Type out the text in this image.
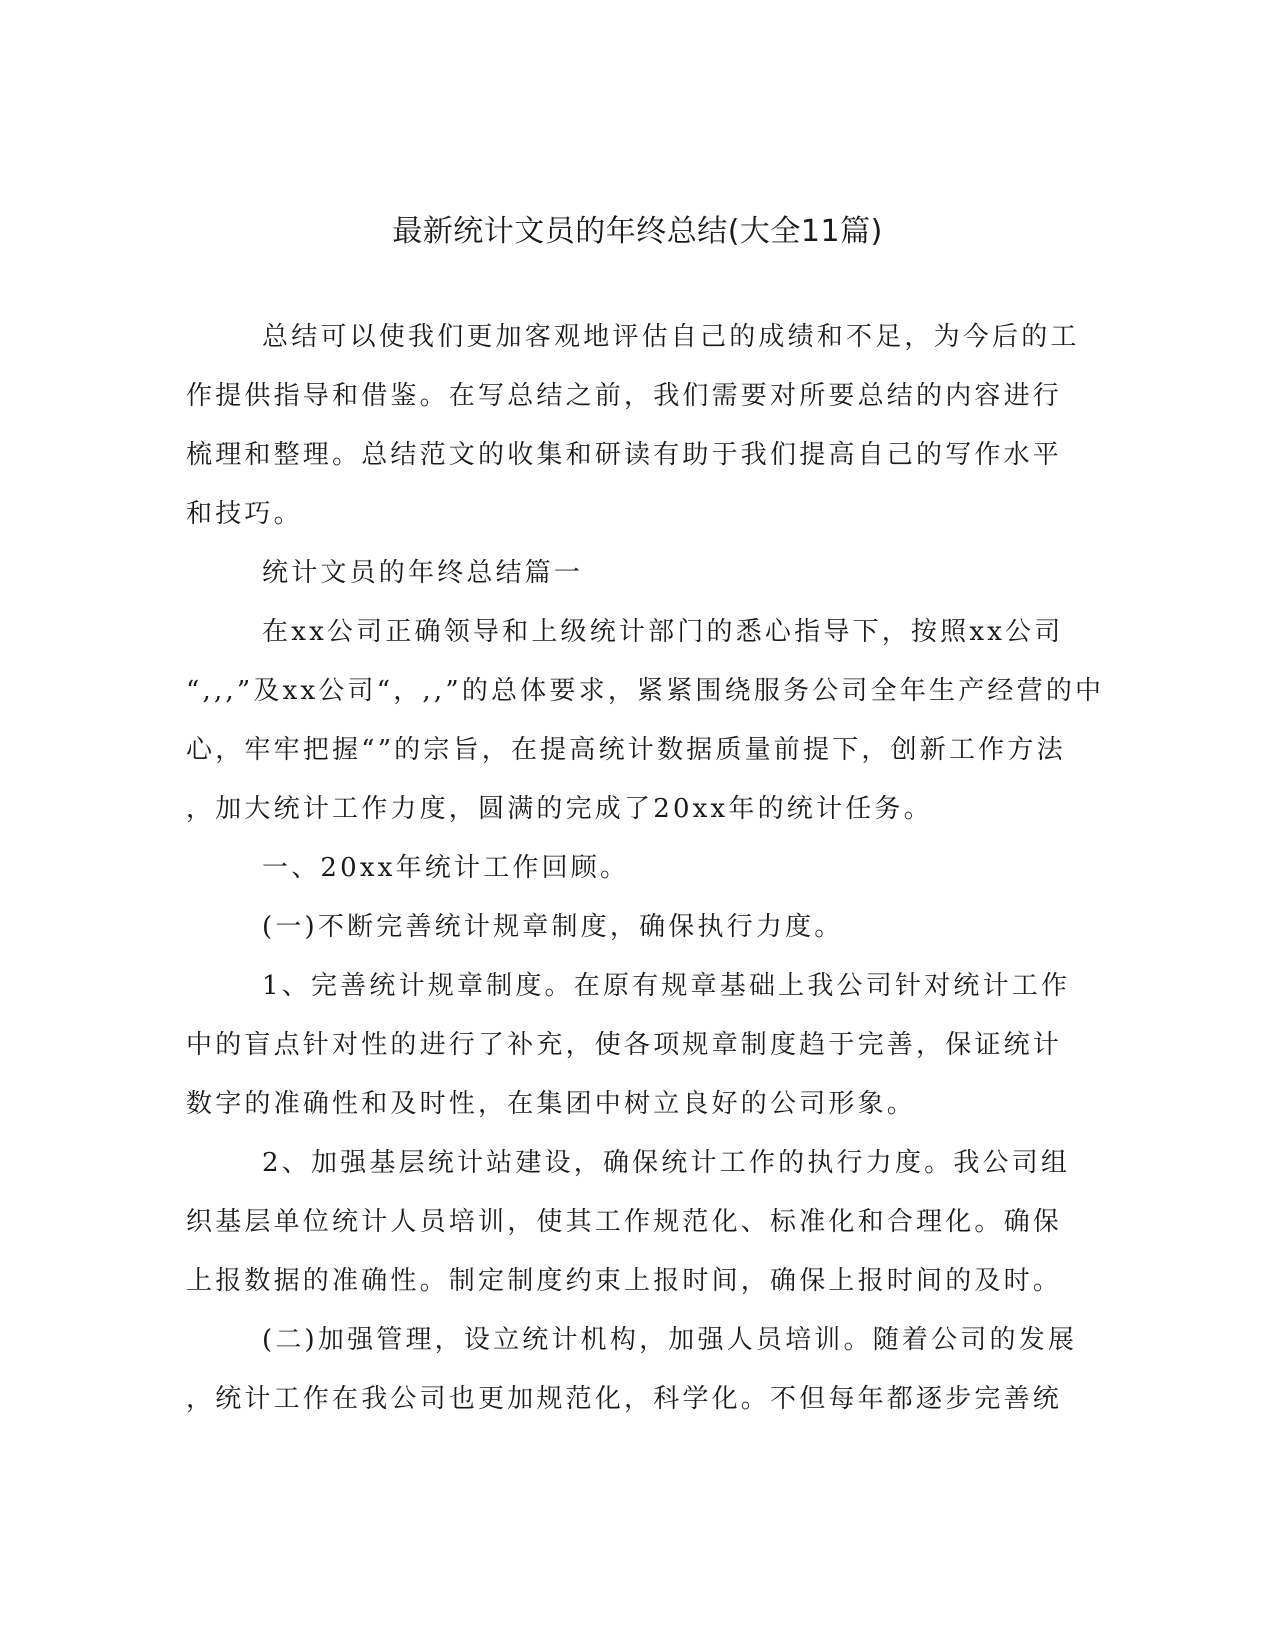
最新统计文员的年终总结(大全11篇)
总结可以使我们更加客观地评估自己的成绩和不足，为今后的工
作提供指导和借鉴。在写总结之前，我们需要对所要总结的内容进行
梳理和整理。总结范文的收集和研读有助于我们提高自己的写作水平
和技巧。
统计文员的年终总结篇一
在xx公司正确领导和上级统计部门的悉心指导下，按照xx公司
“,,,”及xx公司“，,,”的总体要求，紧紧围绕服务公司全年生产经营的中
心，牢牢把握“”的宗旨，在提高统计数据质量前提下，创新工作方法
，加大统计工作力度，圆满的完成了20xx年的统计任务。
一、20xx年统计工作回顾。
(一)不断完善统计规章制度，确保执行力度。
1、完善统计规章制度。在原有规章基础上我公司针对统计工作
中的盲点针对性的进行了补充，使各项规章制度趋于完善，保证统计
数字的准确性和及时性，在集团中树立良好的公司形象。
2、加强基层统计站建设，确保统计工作的执行力度。我公司组
织基层单位统计人员培训，使其工作规范化、标准化和合理化。确保
上报数据的准确性。制定制度约束上报时间，确保上报时间的及时。
(二)加强管理，设立统计机构，加强人员培训。随着公司的发展
，统计工作在我公司也更加规范化，科学化。不但每年都逐步完善统
